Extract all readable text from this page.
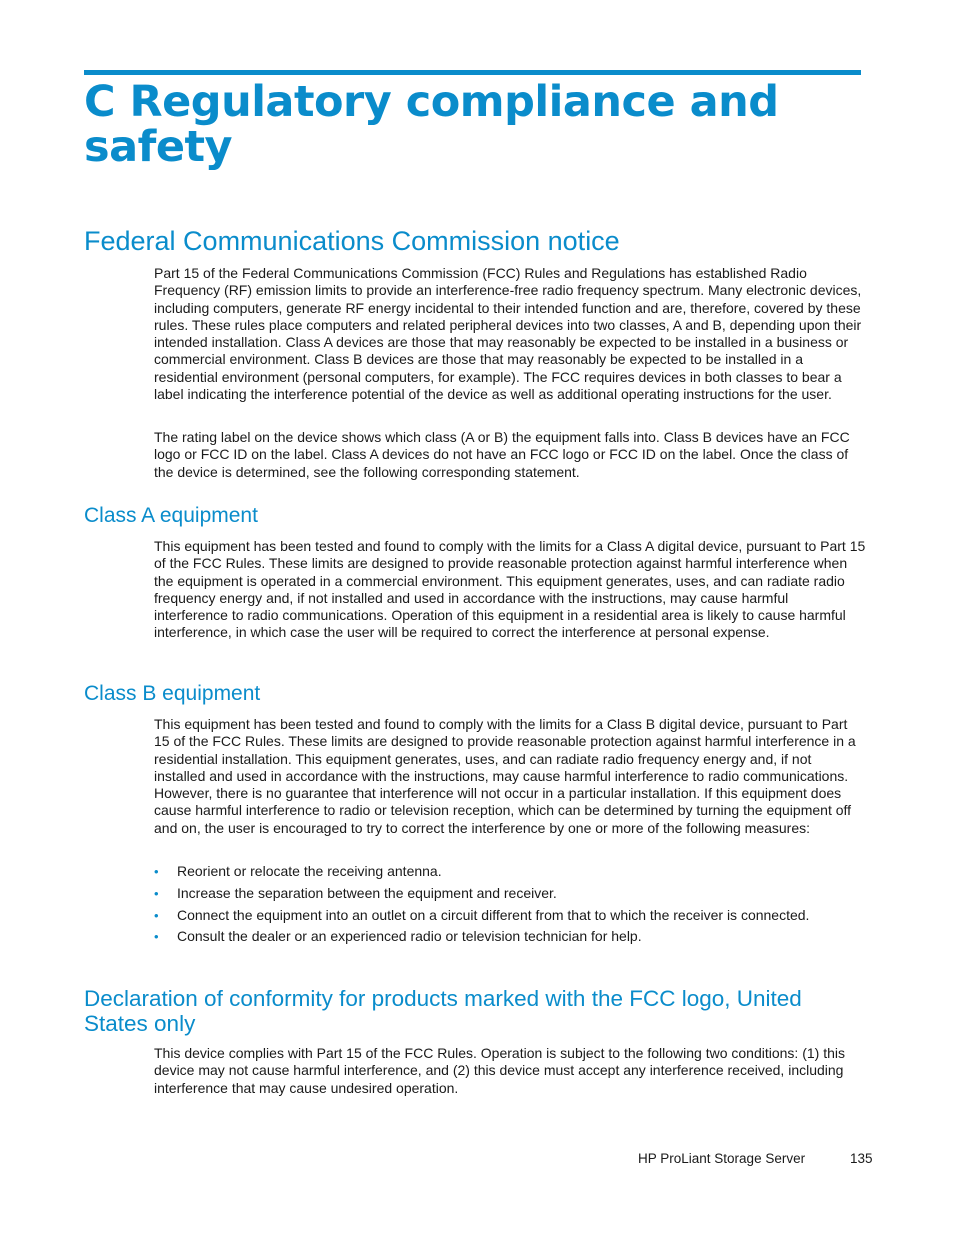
C Regulatory compliance and safety
Federal Communications Commission notice

Part 15 of the Federal Communications Commission (FCC) Rules and Regulations has established Radio Frequency (RF) emission limits to provide an interference-free radio frequency spectrum. Many electronic devices, including computers, generate RF energy incidental to their intended function and are, therefore, covered by these rules. These rules place computers and related peripheral devices into two classes, A and B, depending upon their intended installation. Class A devices are those that may reasonably be expected to be installed in a business or commercial environment. Class B devices are those that may reasonably be expected to be installed in a residential environment (personal computers, for example). The FCC requires devices in both classes to bear a label indicating the interference potential of the device as well as additional operating instructions for the user.

The rating label on the device shows which class (A or B) the equipment falls into. Class B devices have an FCC logo or FCC ID on the label. Class A devices do not have an FCC logo or FCC ID on the label. Once the class of the device is determined, see the following corresponding statement.

Class A equipment

This equipment has been tested and found to comply with the limits for a Class A digital device, pursuant to Part 15 of the FCC Rules. These limits are designed to provide reasonable protection against harmful interference when the equipment is operated in a commercial environment. This equipment generates, uses, and can radiate radio frequency energy and, if not installed and used in accordance with the instructions, may cause harmful interference to radio communications. Operation of this equipment in a residential area is likely to cause harmful interference, in which case the user will be required to correct the interference at personal expense.

Class B equipment

This equipment has been tested and found to comply with the limits for a Class B digital device, pursuant to Part 15 of the FCC Rules. These limits are designed to provide reasonable protection against harmful interference in a residential installation. This equipment generates, uses, and can radiate radio frequency energy and, if not installed and used in accordance with the instructions, may cause harmful interference to radio communications. However, there is no guarantee that interference will not occur in a particular installation. If this equipment does cause harmful interference to radio or television reception, which can be determined by turning the equipment off and on, the user is encouraged to try to correct the interference by one or more of the following measures:

• Reorient or relocate the receiving antenna.
• Increase the separation between the equipment and receiver.
• Connect the equipment into an outlet on a circuit different from that to which the receiver is connected.
• Consult the dealer or an experienced radio or television technician for help.
Declaration of conformity for products marked with the FCC logo, United States only

This device complies with Part 15 of the FCC Rules. Operation is subject to the following two conditions: (1) this device may not cause harmful interference, and (2) this device must accept any interference received, including interference that may cause undesired operation.

HP ProLiant Storage Server	135
